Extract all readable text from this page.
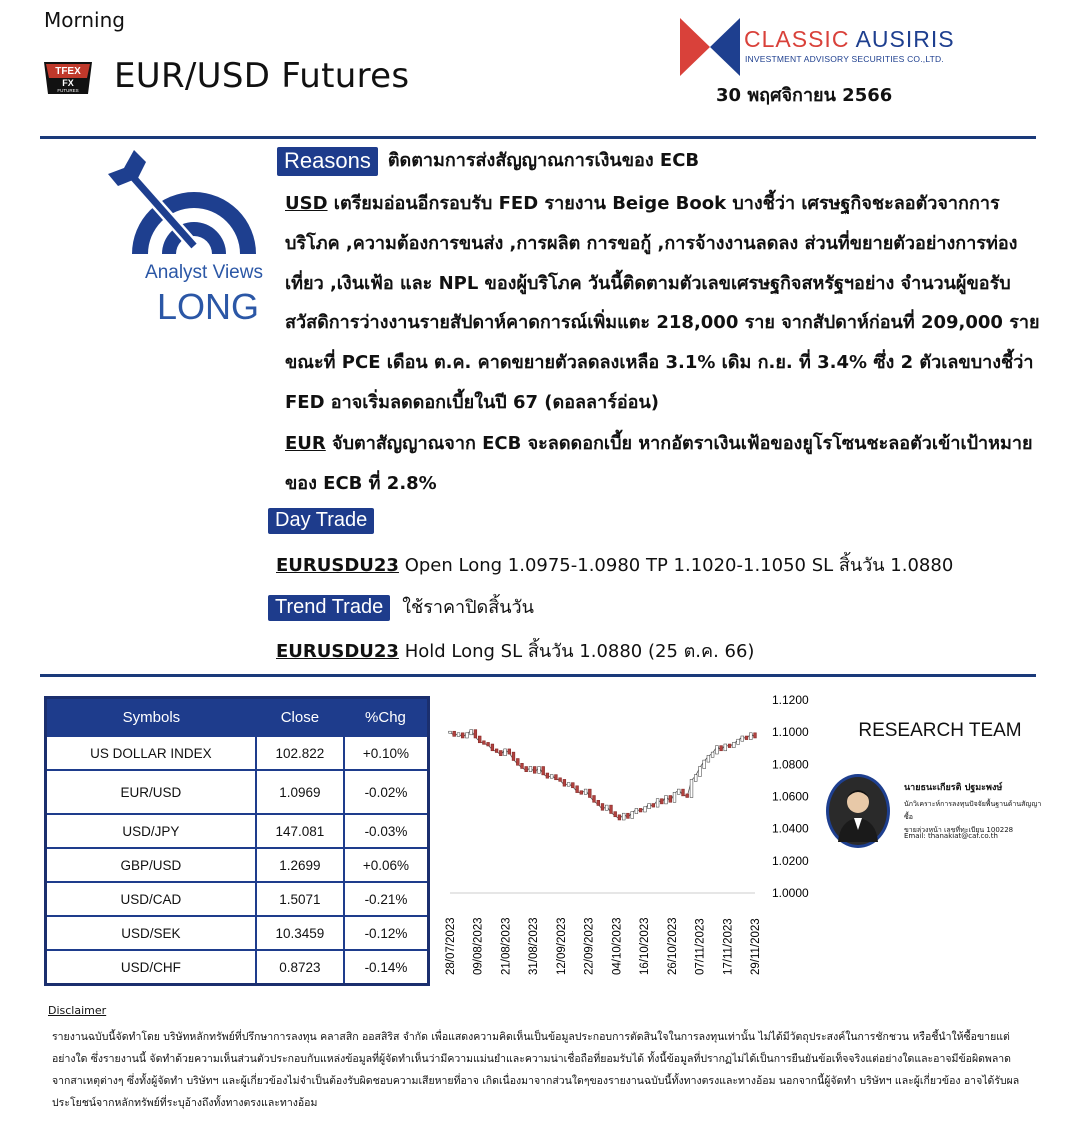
Morning
TFEX
FX
FUTURES EUR/USD Futures
CLASSIC AUSIRIS
INVESTMENT ADVISORY SECURITIES CO.,LTD.
30 พฤศจิกายน 2566
Analyst Views
LONG
Reasons ติดตามการส่งสัญญาณการเงินของ ECB
USD เตรียมอ่อนอีกรอบรับ FED รายงาน Beige Book บางชี้ว่า เศรษฐกิจชะลอตัวจากการบริโภค ,ความต้องการขนส่ง ,การผลิต การขอกู้ ,การจ้างงานลดลง ส่วนที่ขยายตัวอย่างการท่องเที่ยว ,เงินเฟ้อ และ NPL ของผู้บริโภค วันนี้ติดตามตัวเลขเศรษฐกิจสหรัฐฯอย่าง จำนวนผู้ขอรับสวัสดิการว่างงานรายสัปดาห์คาดการณ์เพิ่มแตะ 218,000 ราย จากสัปดาห์ก่อนที่ 209,000 ราย ขณะที่ PCE เดือน ต.ค. คาดขยายตัวลดลงเหลือ 3.1% เดิม ก.ย. ที่ 3.4% ซึ่ง 2 ตัวเลขบางชี้ว่า FED อาจเริ่มลดดอกเบี้ยในปี 67 (ดอลลาร์อ่อน)
EUR จับตาสัญญาณจาก ECB จะลดดอกเบี้ย หากอัตราเงินเฟ้อของยูโรโซนชะลอตัวเข้าเป้าหมายของ ECB ที่ 2.8%
Day Trade
EURUSDU23 Open Long 1.0975-1.0980 TP 1.1020-1.1050 SL สิ้นวัน 1.0880
Trend Trade ใช้ราคาปิดสิ้นวัน
EURUSDU23 Hold Long SL สิ้นวัน 1.0880 (25 ต.ค. 66)
Symbols	Close	%Chg
US DOLLAR INDEX	102.822	+0.10%
EUR/USD	1.0969	-0.02%
USD/JPY	147.081	-0.03%
GBP/USD	1.2699	+0.06%
USD/CAD	1.5071	-0.21%
USD/SEK	10.3459	-0.12%
USD/CHF	0.8723	-0.14%
1.1200
1.1000
1.0800
1.0600
1.0400
1.0200
1.0000
28/07/2023 09/08/2023 21/08/2023 31/08/2023 12/09/2023 22/09/2023 04/10/2023 16/10/2023 26/10/2023 07/11/2023 17/11/2023 29/11/2023
RESEARCH TEAM
นายธนะเกียรติ ปฐมะพงษ์
นักวิเคราะห์การลงทุนปัจจัยพื้นฐานด้านสัญญาซื้อ
ขายล่วงหน้า เลขที่ทะเบียน 100228
Email: thanakiat@caf.co.th
Disclaimer
รายงานฉบับนี้จัดทำโดย บริษัทหลักทรัพย์ที่ปรึกษาการลงทุน คลาสสิก ออสสิริส จำกัด เพื่อแสดงความคิดเห็นเป็นข้อมูลประกอบการตัดสินใจในการลงทุนเท่านั้น ไม่ได้มีวัตถุประสงค์ในการชักชวน หรือชี้นำให้ซื้อขายแต่อย่างใด ซึ่งรายงานนี้ จัดทำด้วยความเห็นส่วนตัวประกอบกับแหล่งข้อมูลที่ผู้จัดทำเห็นว่ามีความแม่นยำและความน่าเชื่อถือที่ยอมรับได้ ทั้งนี้ข้อมูลที่ปรากฏไม่ได้เป็นการยืนยันข้อเท็จจริงแต่อย่างใดและอาจมีข้อผิดพลาดจากสาเหตุต่างๆ ซึ่งทั้งผู้จัดทำ บริษัทฯ และผู้เกี่ยวข้องไม่จำเป็นต้องรับผิดชอบความเสียหายที่อาจ เกิดเนื่องมาจากส่วนใดๆของรายงานฉบับนี้ทั้งทางตรงและทางอ้อม นอกจากนี้ผู้จัดทำ บริษัทฯ และผู้เกี่ยวข้อง อาจได้รับผลประโยชน์จากหลักทรัพย์ที่ระบุอ้างถึงทั้งทางตรงและทางอ้อม
